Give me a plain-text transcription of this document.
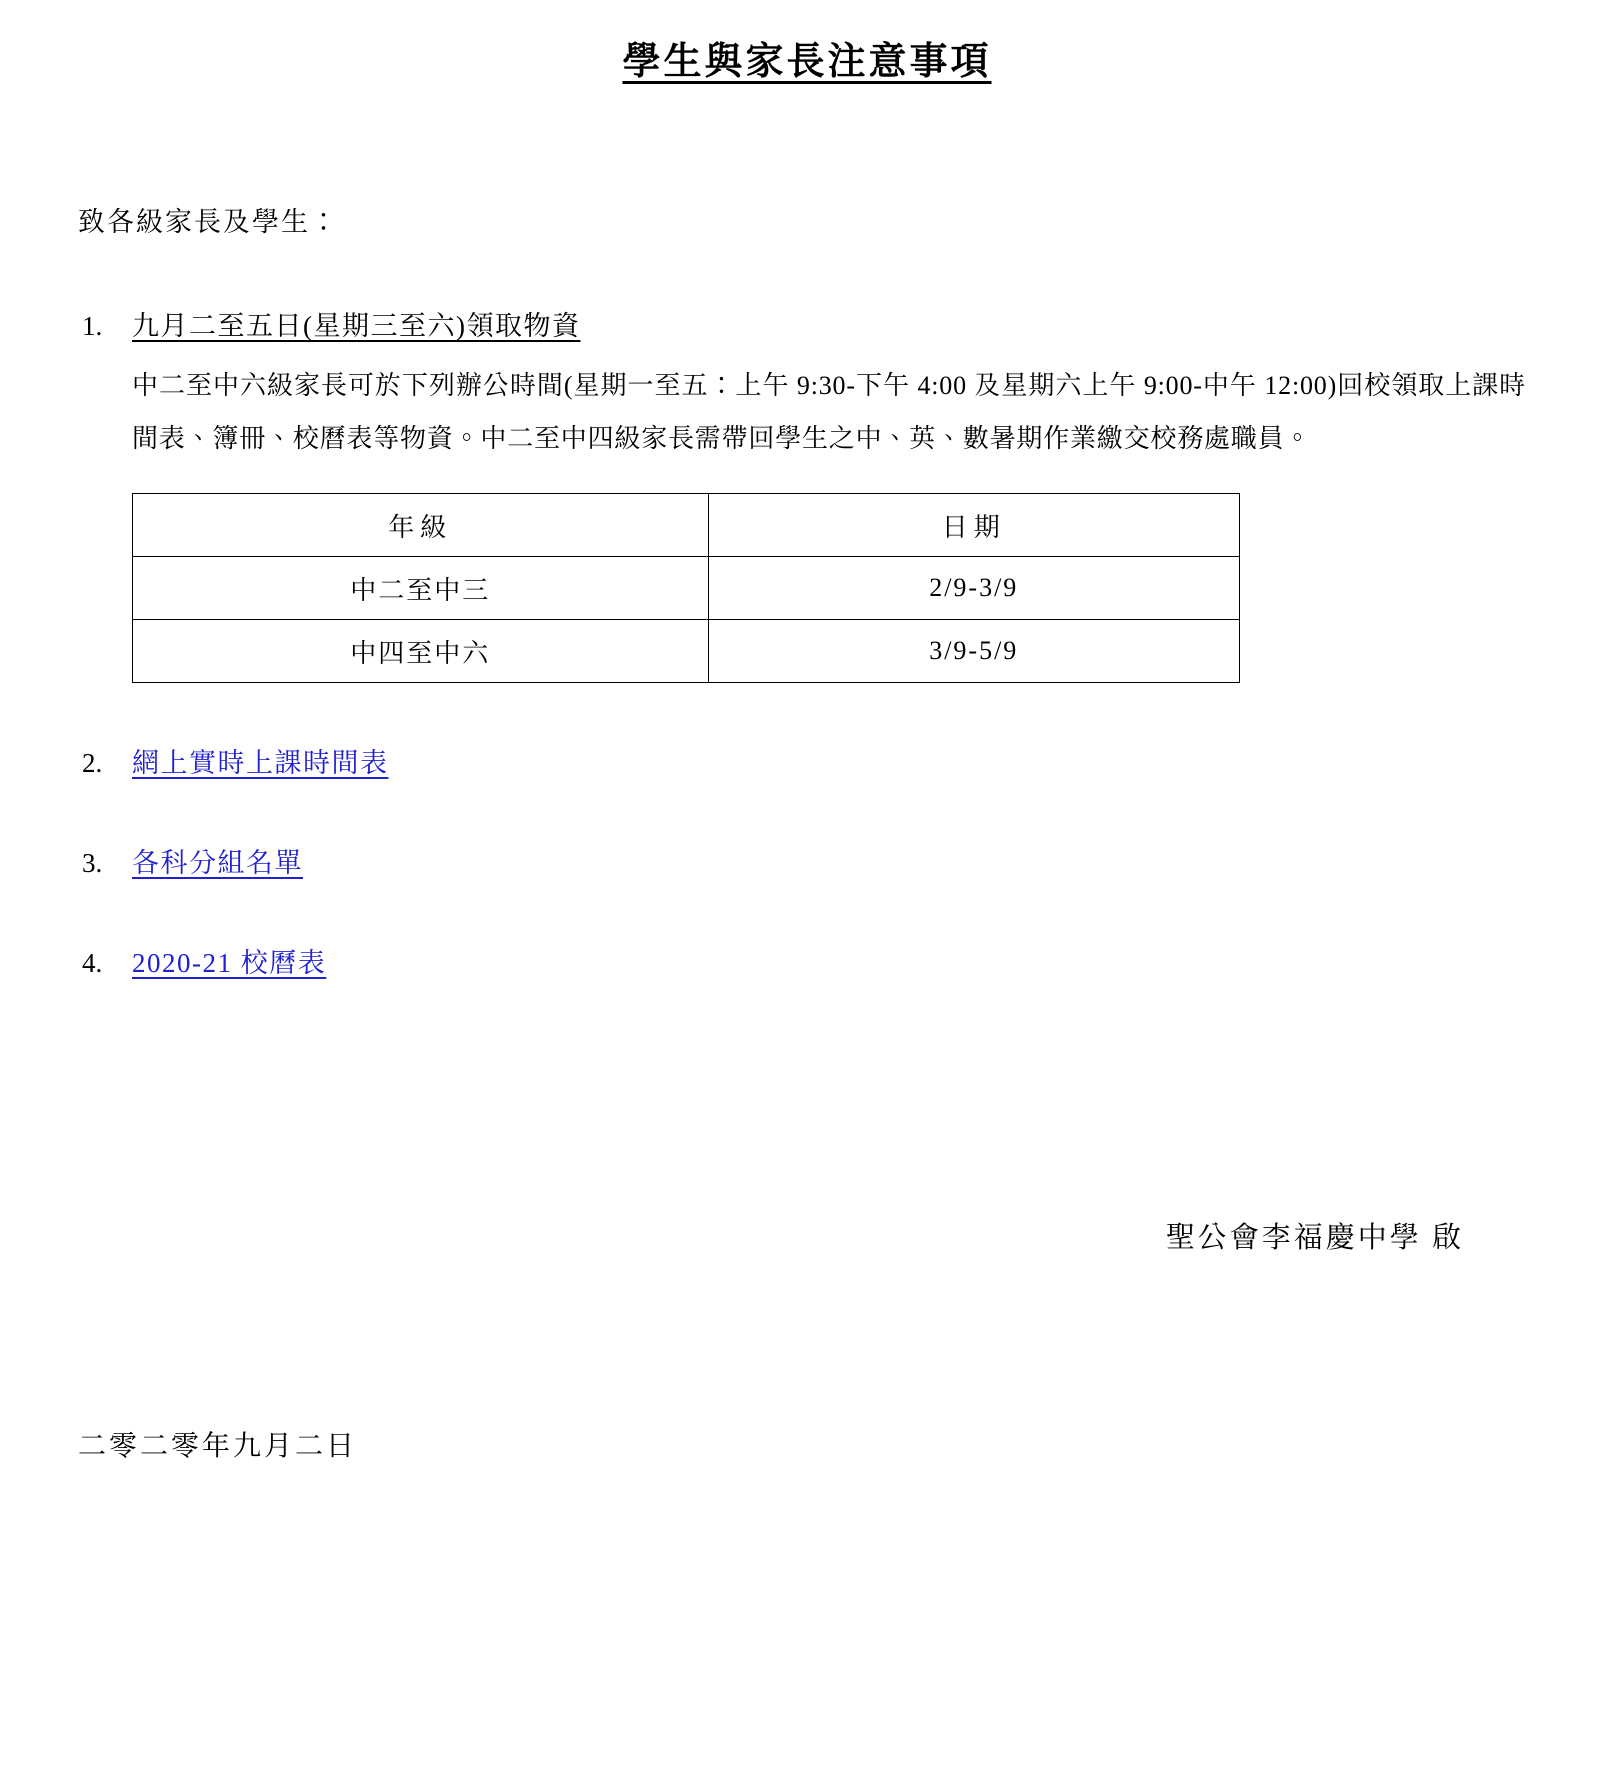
學生與家長注意事項
致各級家長及學生：
1.	九月二至五日(星期三至六)領取物資
中二至中六級家長可於下列辦公時間(星期一至五：上午 9:30-下午 4:00 及星期六上午 9:00-中午 12:00)回校領取上課時間表、簿冊、校曆表等物資。中二至中四級家長需帶回學生之中、英、數暑期作業繳交校務處職員。
年級	日期
中二至中三	2/9-3/9
中四至中六	3/9-5/9
2.	網上實時上課時間表
3.	各科分組名單
4.	2020-21 校曆表
聖公會李福慶中學 啟
二零二零年九月二日
